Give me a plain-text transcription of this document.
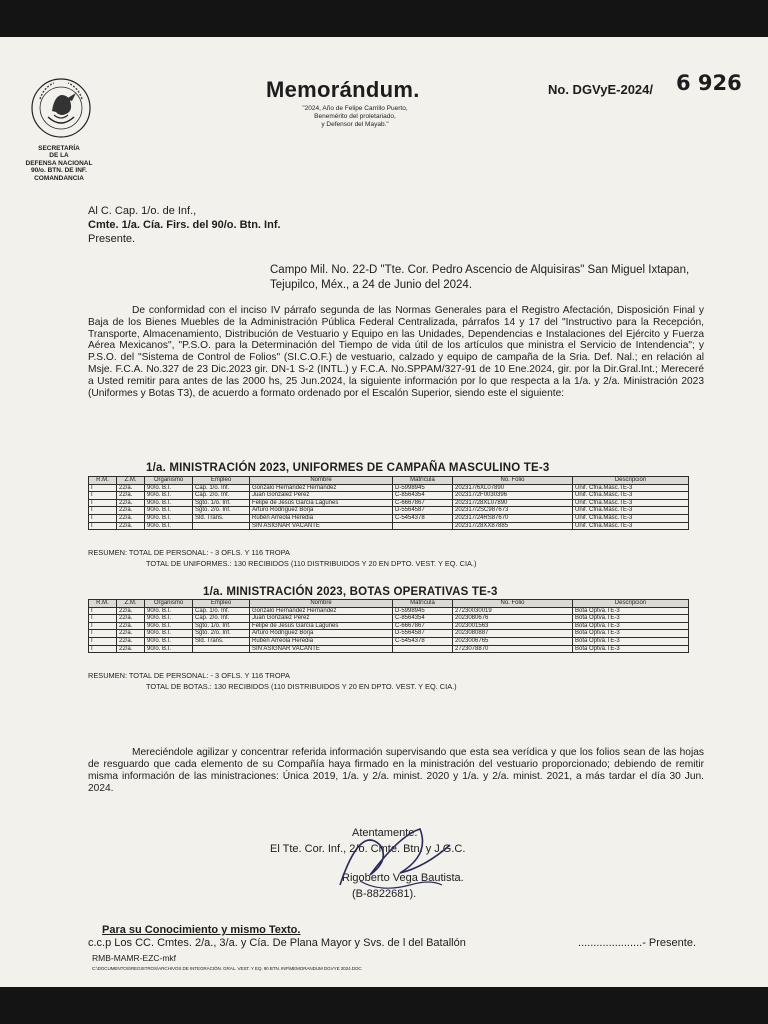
SECRETARÍA
DE LA
DEFENSA NACIONAL
90/o. BTN. DE INF.
COMANDANCIA
Memorándum.
"2024, Año de Felipe Carrillo Puerto,
Benemérito del proletariado,
y Defensor del Mayab."
No. DGVyE-2024/ 6 926
Al C. Cap. 1/o. de Inf.,
Cmte. 1/a. Cía. Firs. del 90/o. Btn. Inf.
Presente.
Campo Mil. No. 22-D "Tte. Cor. Pedro Ascencio de Alquisiras" San Miguel Ixtapan, Tejupilco, Méx., a 24 de Junio del 2024.
De conformidad con el inciso IV párrafo segunda de las Normas Generales para el Registro Afectación, Disposición Final y Baja de los Bienes Muebles de la Administración Pública Federal Centralizada, párrafos 14 y 17 del "Instructivo para la Recepción, Transporte, Almacenamiento, Distribución de Vestuario y Equipo en las Unidades, Dependencias e Instalaciones del Ejército y Fuerza Aérea Mexicanos", "P.S.O. para la Determinación del Tiempo de vida útil de los artículos que ministra el Servicio de Intendencia"; y P.S.O. del "Sistema de Control de Folios" (SI.C.O.F.) de vestuario, calzado y equipo de campaña de la Sria. Def. Nal.; en relación al Msje. F.C.A. No.327 de 23 Dic.2023 gir. DN-1 S-2 (INTL.) y F.C.A. No.SPPAM/327-91 de 10 Ene.2024, gir. por la Dir.Gral.Int.; Mereceré a Usted remitir para antes de las 2000 hs, 25 Jun.2024, la siguiente información por lo que respecta a la 1/a. y 2/a. Ministración 2023 (Uniformes y Botas T3), de acuerdo a formato ordenado por el Escalón Superior, siendo este el siguiente:
1/a. MINISTRACIÓN 2023, UNIFORMES DE CAMPAÑA MASCULINO TE-3
R.M.	Z.M.	Organismo	Empleo	Nombre	Matrícula	No. Folio	Descripción
I	22/a.	90/o. B.I.	Cap. 1/o. Inf.	Gonzalo Hernández Hernández	D-5998945	202317/6XL07890	Unif. Cfña.Masc.TE-3
I	22/a.	90/o. B.I.	Cap. 2/o. Inf.	Juan González Pérez	C-8564354	202317/2F0030396	Unif. Cfña.Masc.TE-3
I	22/a.	90/o. B.I.	Sgto. 1/o. Inf.	Felipe de Jesús García Lagunes	C-6667867	202317/28XL07890	Unif. Cfña.Masc.TE-3
I	22/a.	90/o. B.I.	Sgto. 2/o. Inf.	Arturo Rodríguez Borja	D-5564587	202317/2SC987673	Unif. Cfña.Masc.TE-3
I	22/a.	90/o. B.I.	Sld. Trans.	Rubén Arreola Heredia	C-5454378	202317/24RS87670	Unif. Cfña.Masc.TE-3
I	22/a.	90/o. B.I.		SIN ASIGNAR VACANTE		202317/28XX87885	Unif. Cfña.Masc.TE-3
RESUMEN: TOTAL DE PERSONAL: - 3 OFLS. Y 116 TROPA
TOTAL DE UNIFORMES.: 130 RECIBIDOS (110 DISTRIBUIDOS Y 20 EN DPTO. VEST. Y EQ. CIA.)
1/a. MINISTRACIÓN 2023, BOTAS OPERATIVAS TE-3
R.M.	Z.M.	Organismo	Empleo	Nombre	Matrícula	No. Folio	Descripción
I	22/a.	90/o. B.I.	Cap. 1/o. Inf.	Gonzalo Hernández Hernández	D-5998945	27230030019	Bota Optva.TE-3
I	22/a.	90/o. B.I.	Cap. 2/o. Inf.	Juan González Pérez	C-8564354	2023080676	Bota Optva.TE-3
I	22/a.	90/o. B.I.	Sgto. 1/o. Inf.	Felipe de Jesús García Lagunes	C-6667867	2023001563	Bota Optva.TE-3
I	22/a.	90/o. B.I.	Sgto. 2/o. Inf.	Arturo Rodríguez Borja	D-5564587	2023080887	Bota Optva.TE-3
I	22/a.	90/o. B.I.	Sld. Trans.	Rubén Arreola Heredia	C-5454378	2023006765	Bota Optva.TE-3
I	22/a.	90/o. B.I.		SIN ASIGNAR VACANTE		2723078870	Bota Optva.TE-3
RESUMEN: TOTAL DE PERSONAL: - 3 OFLS. Y 116 TROPA
TOTAL DE BOTAS.: 130 RECIBIDOS (110 DISTRIBUIDOS Y 20 EN DPTO. VEST. Y EQ. CIA.)
Mereciéndole agilizar y concentrar referida información supervisando que esta sea verídica y que los folios sean de las hojas de resguardo que cada elemento de su Compañía haya firmado en la ministración del vestuario proporcionado; debiendo de remitir misma información de las ministraciones: Única 2019, 1/a. y 2/a. minist. 2020 y 1/a. y 2/a. minist. 2021, a más tardar el día 30 Jun. 2024.
Atentamente.
El Tte. Cor. Inf., 2/o. Cmte. Btn. y J.G.C.
Rigoberto Vega Bautista.
(B-8822681).
Para su Conocimiento y mismo Texto.
c.c.p Los CC. Cmtes. 2/a., 3/a. y Cía. De Plana Mayor y Svs. de l del Batallón	.....................- Presente.
RMB-MAMR-EZC-mkf
C:\DOCUMENTOS\REGISTROS\ARCHIVOS DE INTEGRACIÓN. GRAL. VEST. Y EQ. 90 BTN. INF\MEMORANDUM DGVYE 2024.DOC
